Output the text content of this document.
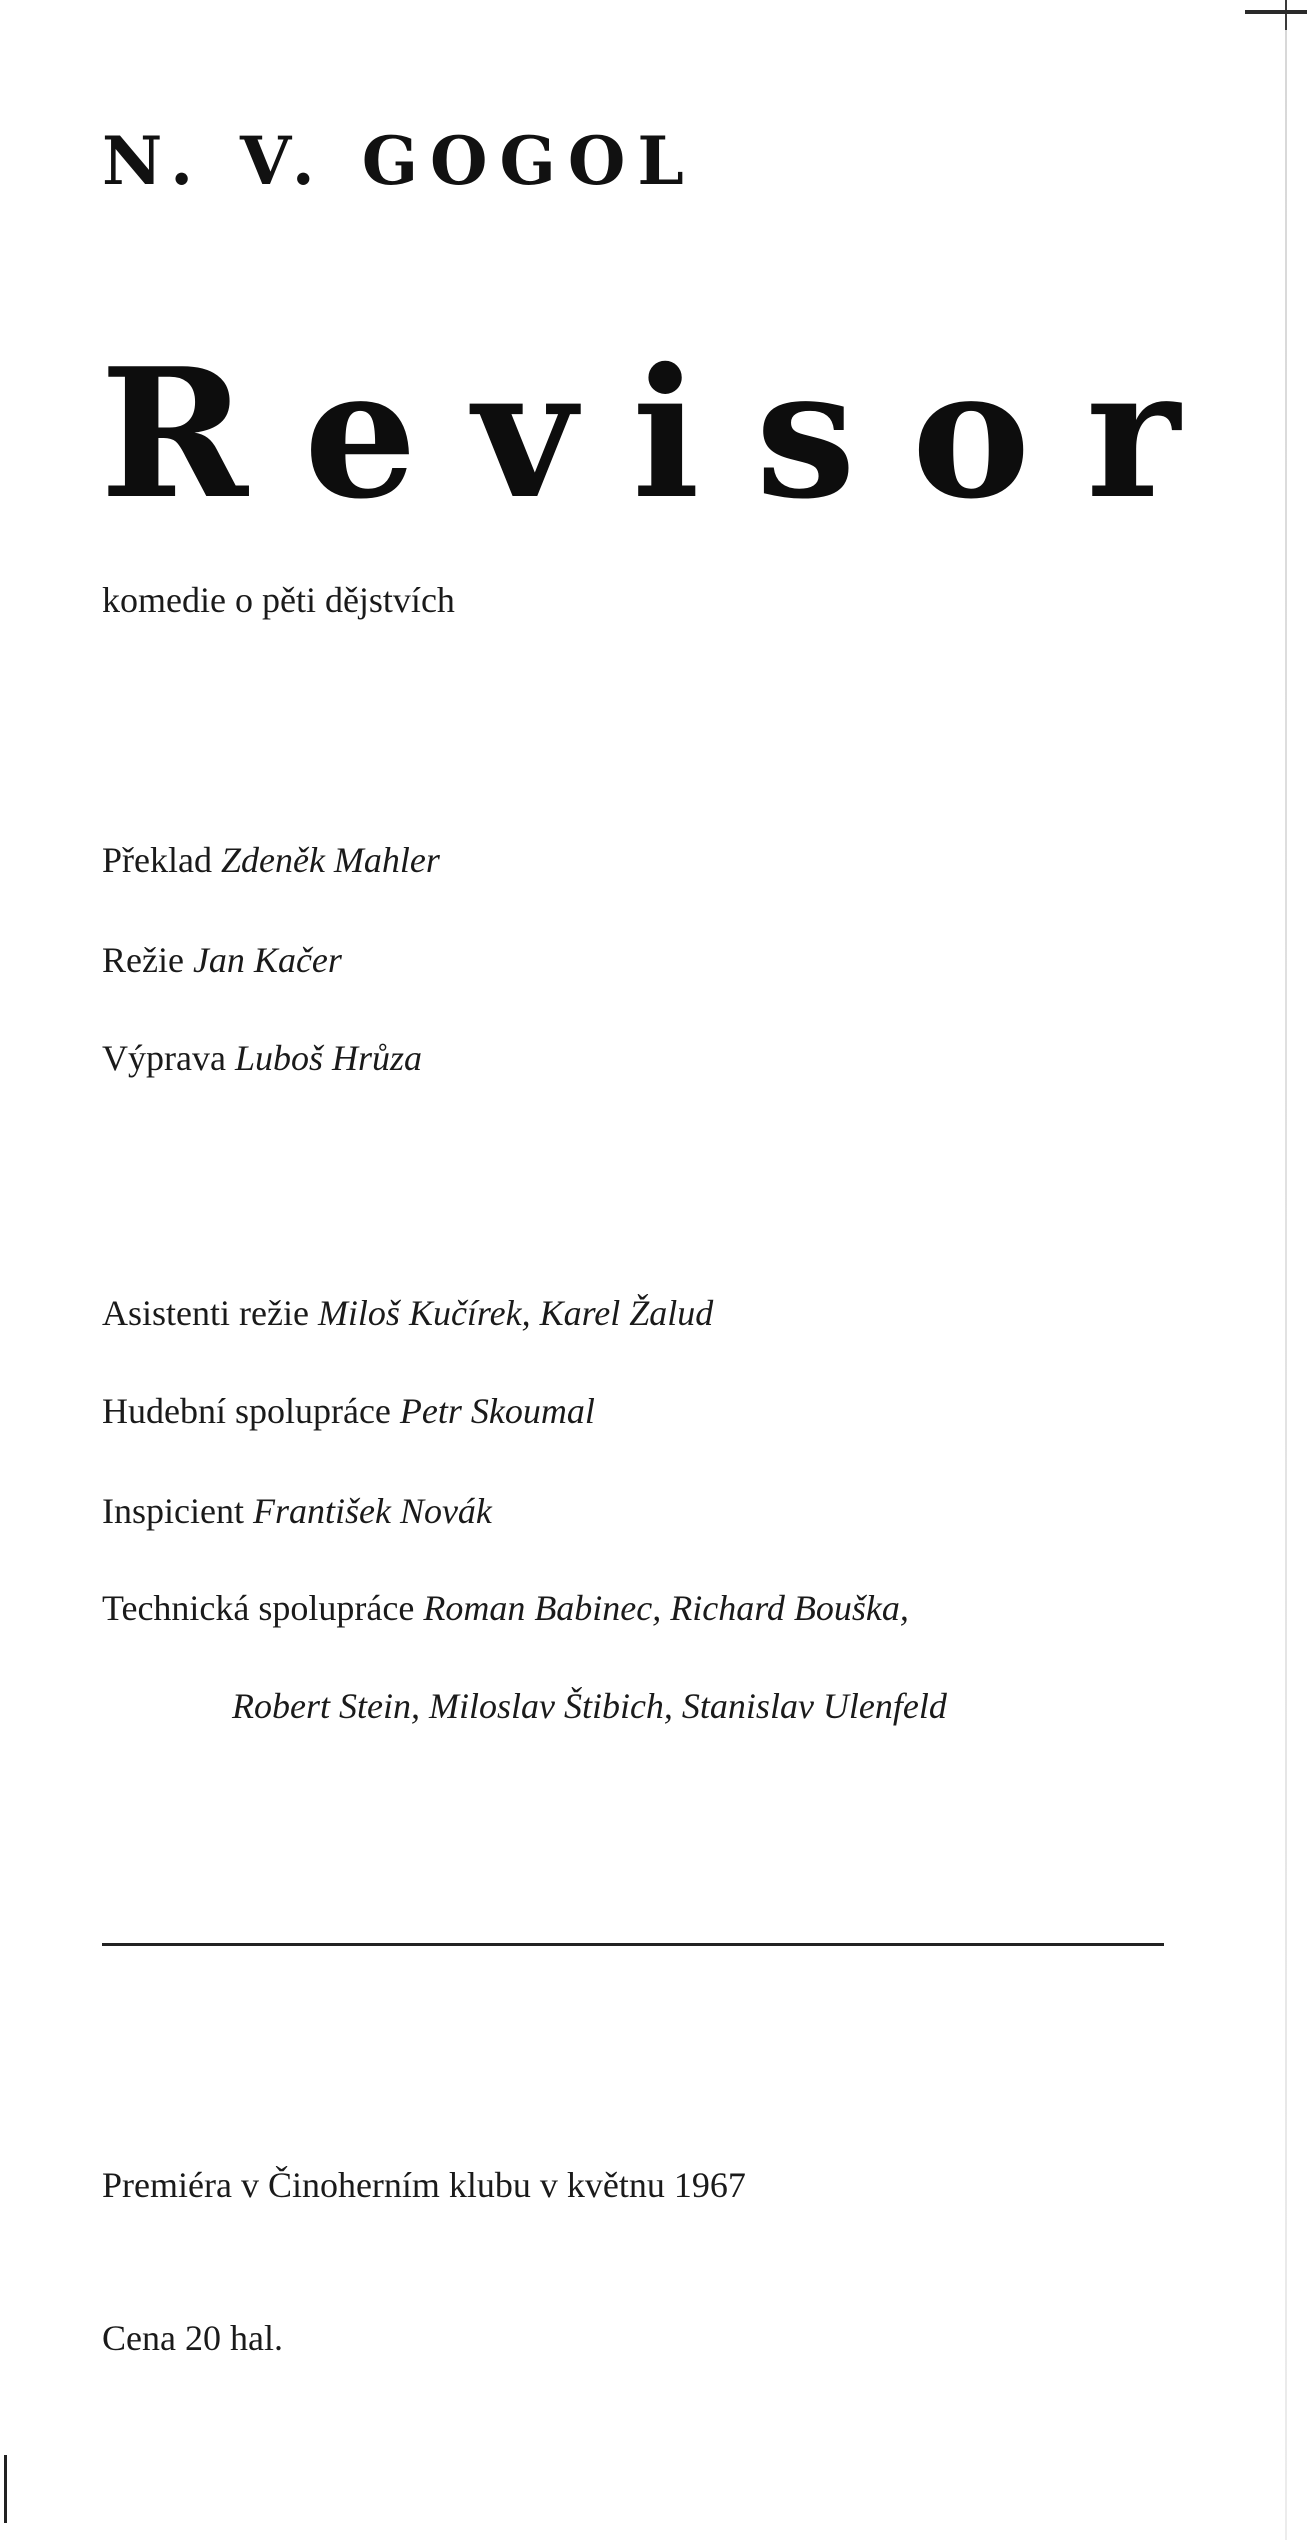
N. V. GOGOL
R e v i s o r
komedie o pěti dějstvích
Překlad Zdeněk Mahler
Režie Jan Kačer
Výprava Luboš Hrůza
Asistenti režie Miloš Kučírek, Karel Žalud
Hudební spolupráce Petr Skoumal
Inspicient František Novák
Technická spolupráce Roman Babinec, Richard Bouška,
Robert Stein, Miloslav Štibich, Stanislav Ulenfeld
Premiéra v Činoherním klubu v květnu 1967
Cena 20 hal.
